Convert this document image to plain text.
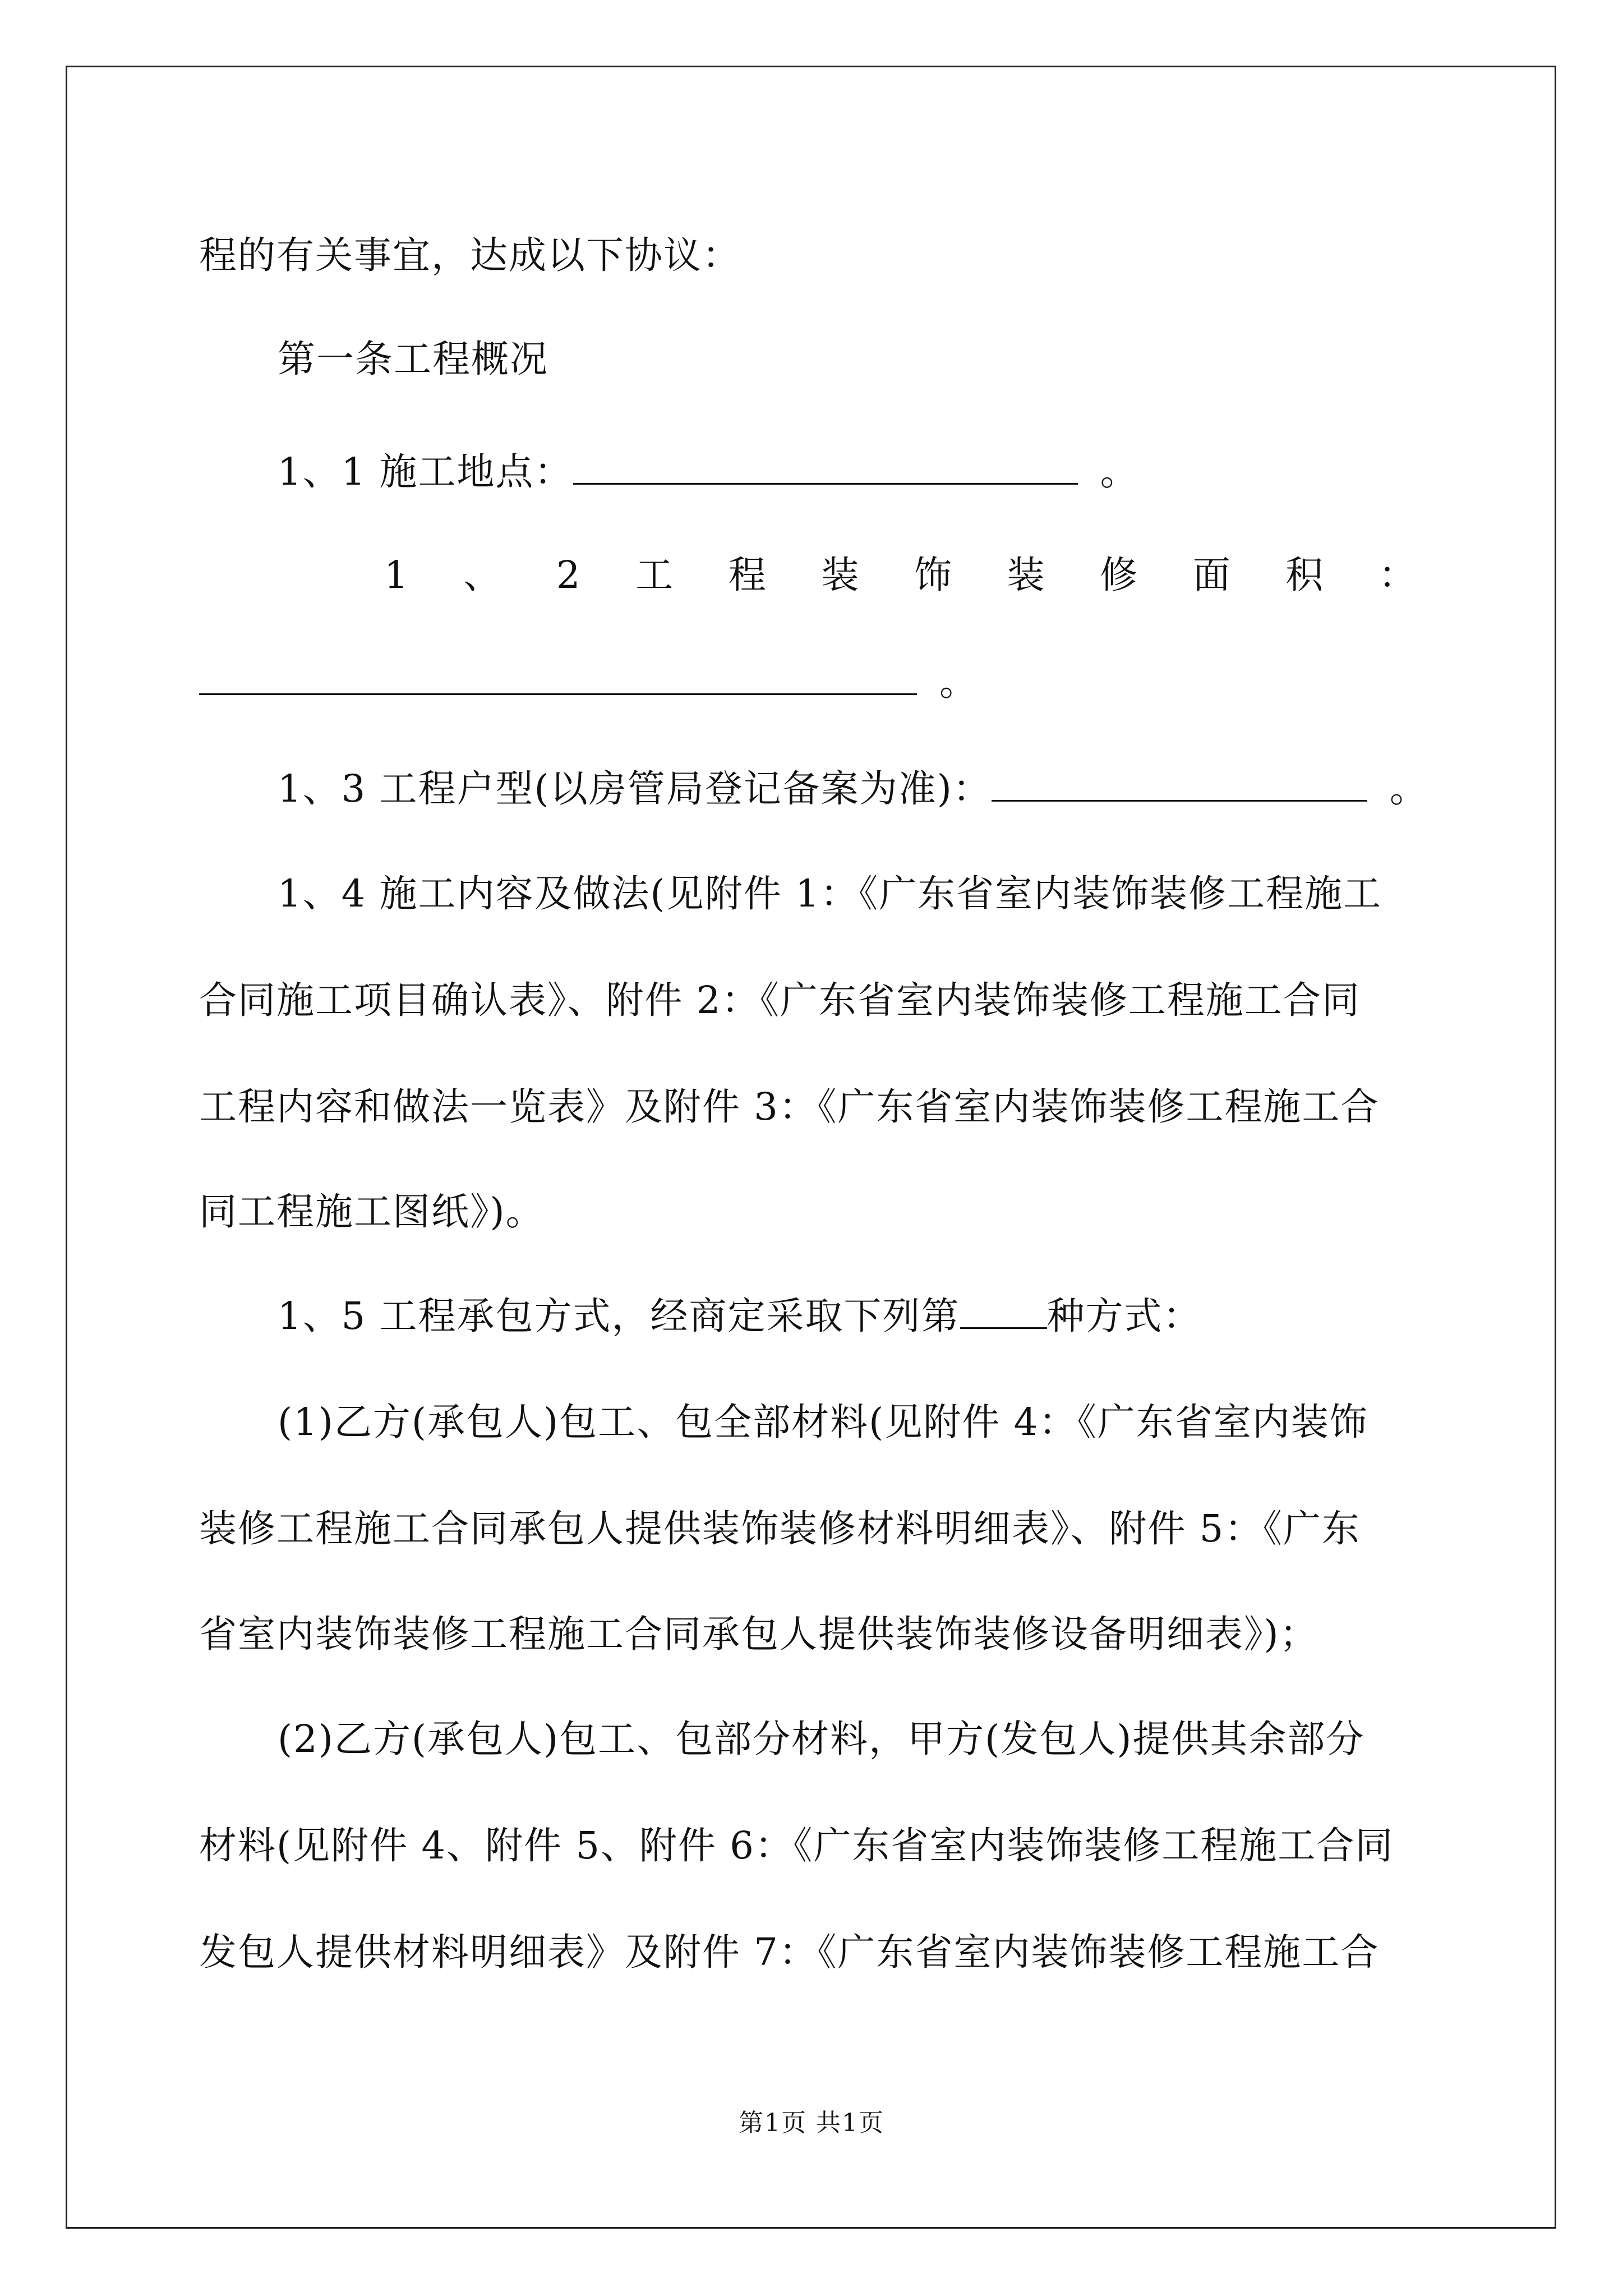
程的有关事宜，达成以下协议：
第一条工程概况
1、1 施工地点：	。
1 、 2 工 程 装 饰 装 修 面 积 ：
。
1、3 工程户型(以房管局登记备案为准)：	。
1、4 施工内容及做法(见附件 1：《广东省室内装饰装修工程施工
合同施工项目确认表》、附件 2：《广东省室内装饰装修工程施工合同
工程内容和做法一览表》及附件 3：《广东省室内装饰装修工程施工合
同工程施工图纸》)。
1、5 工程承包方式，经商定采取下列第 种方式：
(1)乙方(承包人)包工、包全部材料(见附件 4：《广东省室内装饰
装修工程施工合同承包人提供装饰装修材料明细表》、附件 5：《广东
省室内装饰装修工程施工合同承包人提供装饰装修设备明细表》)；
(2)乙方(承包人)包工、包部分材料，甲方(发包人)提供其余部分
材料(见附件 4、附件 5、附件 6：《广东省室内装饰装修工程施工合同
发包人提供材料明细表》及附件 7：《广东省室内装饰装修工程施工合
第1页 共1页
